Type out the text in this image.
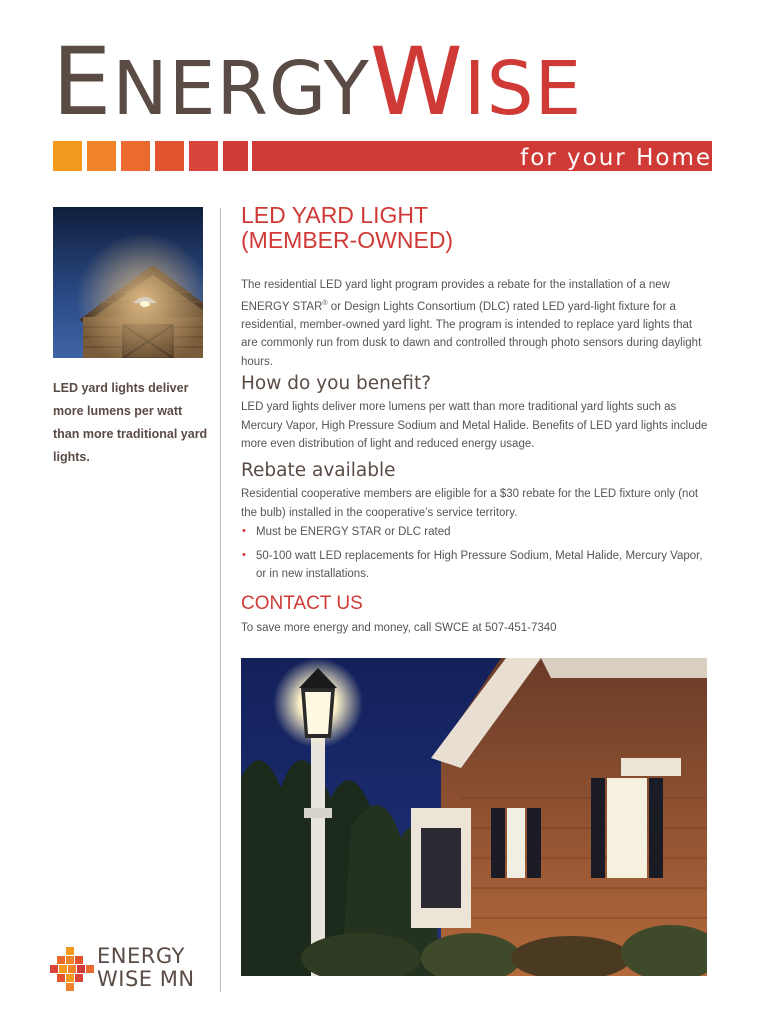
ENERGYWISE
for your Home

LED yard lights deliver more lumens per watt than more traditional yard lights.

LED YARD LIGHT
(MEMBER-OWNED)

The residential LED yard light program provides a rebate for the installation of a new ENERGY STAR® or Design Lights Consortium (DLC) rated LED yard-light fixture for a residential, member-owned yard light. The program is intended to replace yard lights that are commonly run from dusk to dawn and controlled through photo sensors during daylight hours.

How do you benefit?

LED yard lights deliver more lumens per watt than more traditional yard lights such as Mercury Vapor, High Pressure Sodium and Metal Halide. Benefits of LED yard lights include more even distribution of light and reduced energy usage.

Rebate available

Residential cooperative members are eligible for a $30 rebate for the LED fixture only (not the bulb) installed in the cooperative’s service territory.

• Must be ENERGY STAR or DLC rated
• 50-100 watt LED replacements for High Pressure Sodium, Metal Halide, Mercury Vapor, or in new installations.
CONTACT US

To save more energy and money, call SWCE at 507-451-7340

ENERGY
WISE MN
